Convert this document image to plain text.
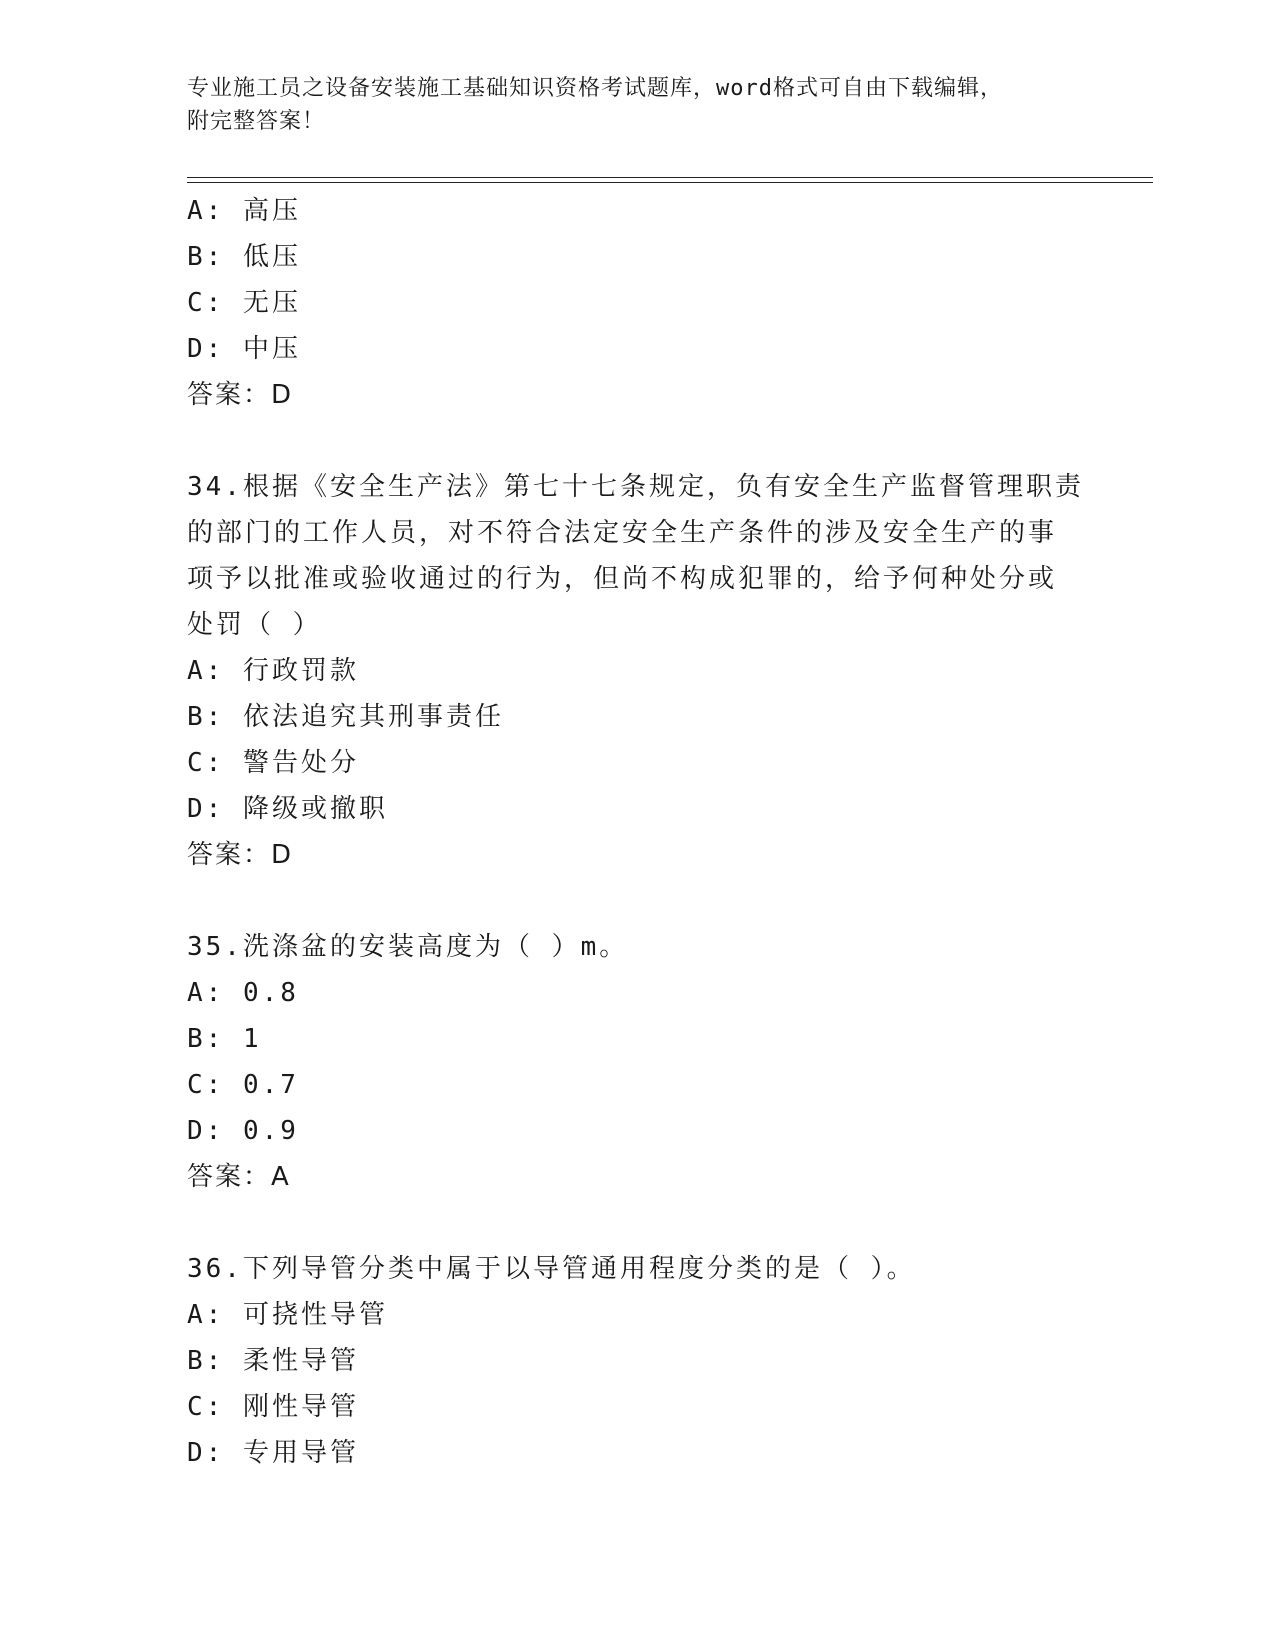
专业施工员之设备安装施工基础知识资格考试题库，word格式可自由下载编辑，
附完整答案！
A: 高压
B: 低压
C: 无压
D: 中压
答案：D
34.根据《安全生产法》第七十七条规定，负有安全生产监督管理职责
的部门的工作人员，对不符合法定安全生产条件的涉及安全生产的事
项予以批准或验收通过的行为，但尚不构成犯罪的，给予何种处分或
处罚（ ）
A: 行政罚款
B: 依法追究其刑事责任
C: 警告处分
D: 降级或撤职
答案：D
35.洗涤盆的安装高度为（ ）m。
A: 0.8
B: 1
C: 0.7
D: 0.9
答案：A
36.下列导管分类中属于以导管通用程度分类的是（ ）。
A: 可挠性导管
B: 柔性导管
C: 刚性导管
D: 专用导管
